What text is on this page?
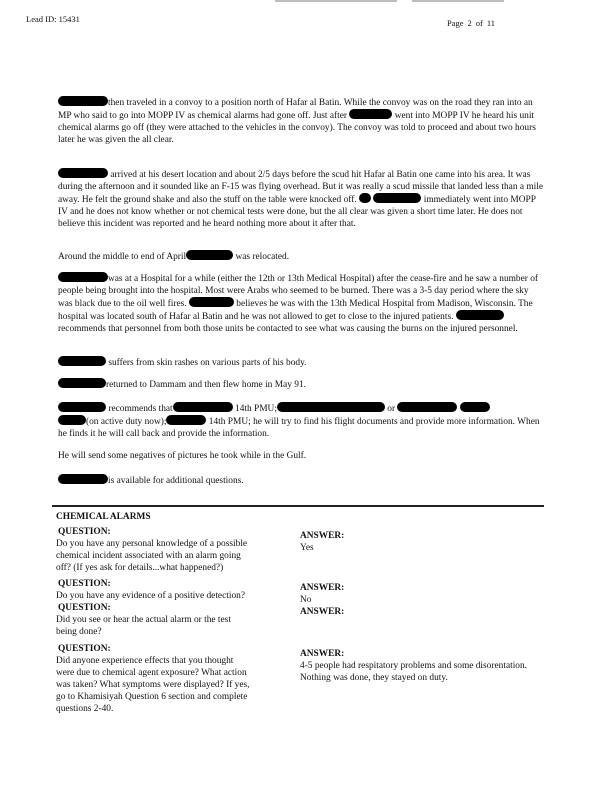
Lead ID: 15431	Page 2 of 11
then traveled in a convoy to a position north of Hafar al Batin. While the convoy was on the road they ran into an MP who said to go into MOPP IV as chemical alarms had gone off. Just after	went into MOPP IV he heard his unit chemical alarms go off (they were attached to the vehicles in the convoy). The convoy was told to proceed and about two hours later he was given the all clear.
arrived at his desert location and about 2/5 days before the scud hit Hafar al Batin one came into his area. It was during the afternoon and it sounded like an F-15 was flying overhead. But it was really a scud missile that landed less than a mile away. He felt the ground shake and also the stuff on the table were knocked off.	immediately went into MOPP IV and he does not know whether or not chemical tests were done, but the all clear was given a short time later. He does not believe this incident was reported and he heard nothing more about it after that.
Around the middle to end of April	was relocated.
was at a Hospital for a while (either the 12th or 13th Medical Hospital) after the cease-fire and he saw a number of people being brought into the hospital. Most were Arabs who seemed to be burned. There was a 3-5 day period where the sky was black due to the oil well fires.	believes he was with the 13th Medical Hospital from Madison, Wisconsin. The hospital was located south of Hafar al Batin and he was not allowed to get to close to the injured patients. recommends that personnel from both those units be contacted to see what was causing the burns on the injured personnel.
suffers from skin rashes on various parts of his body.
returned to Dammam and then flew home in May 91.
recommends that	14th PMU;	or
(on active duty now);	14th PMU; he will try to find his flight documents and provide more information. When he finds it he will call back and provide the information.
He will send some negatives of pictures he took while in the Gulf.
is available for additional questions.
CHEMICAL ALARMS
QUESTION:
Do you have any personal knowledge of a possible chemical incident associated with an alarm going off? (If yes ask for details...what happened?)
ANSWER:
Yes
QUESTION:
Do you have any evidence of a positive detection?
ANSWER:
No
QUESTION:
Did you see or hear the actual alarm or the test being done?
ANSWER:
QUESTION:
Did anyone experience effects that you thought were due to chemical agent exposure? What action was taken? What symptoms were displayed? If yes, go to Khamisiyah Question 6 section and complete questions 2-40.
ANSWER:
4-5 people had respitatory problems and some disorentation. Nothing was done, they stayed on duty.
